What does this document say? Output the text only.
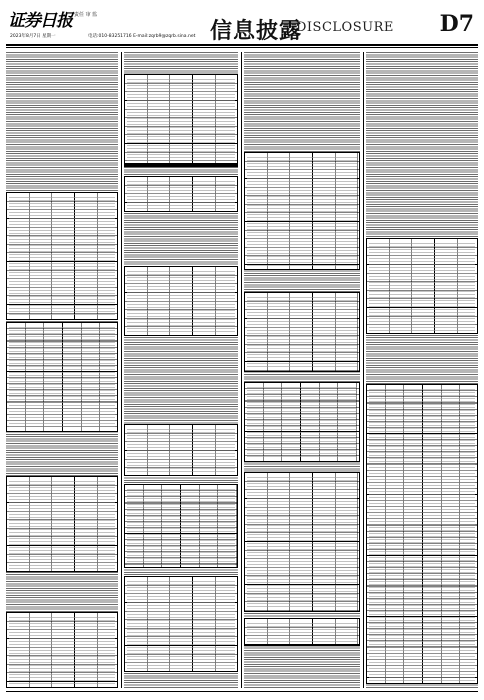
证券日报 责任 审 监
2023年8月7日 星期一	电话:010-83251716 E-mail:zqrb9@zqrb.sina.net 信息披露
DISCLOSURE D7
